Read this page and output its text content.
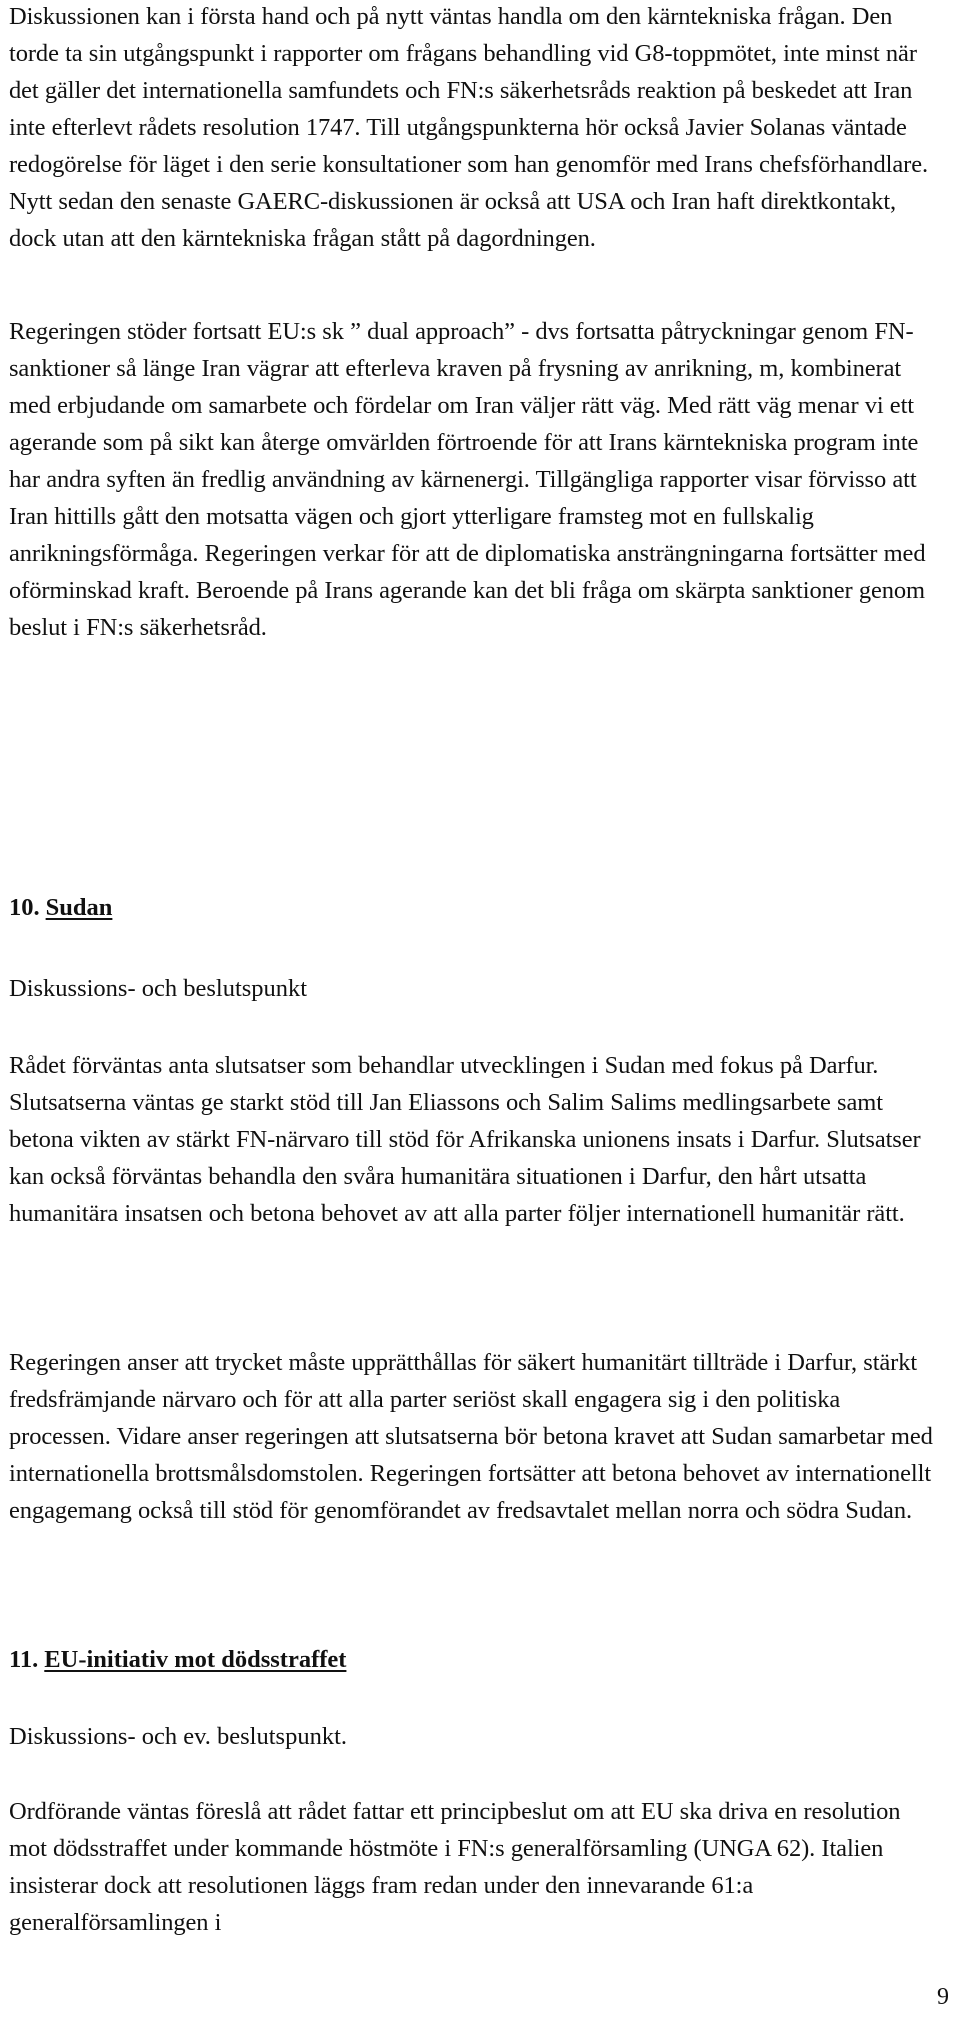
Diskussionen kan i första hand och på nytt väntas handla om den kärntekniska frågan. Den torde ta sin utgångspunkt i rapporter om frågans behandling vid G8-toppmötet, inte minst när det gäller det internationella samfundets och FN:s säkerhetsråds reaktion på beskedet att Iran inte efterlevt rådets resolution 1747. Till utgångspunkterna hör också Javier Solanas väntade redogörelse för läget i den serie konsultationer som han genomför med Irans chefsförhandlare. Nytt sedan den senaste GAERC-diskussionen är också att USA och Iran haft direktkontakt, dock utan att den kärntekniska frågan stått på dagordningen.

Regeringen stöder fortsatt EU:s sk ” dual approach” - dvs fortsatta påtryckningar genom FN-sanktioner så länge Iran vägrar att efterleva kraven på frysning av anrikning, m, kombinerat med erbjudande om samarbete och fördelar om Iran väljer rätt väg. Med rätt väg menar vi ett agerande som på sikt kan återge omvärlden förtroende för att Irans kärntekniska program inte har andra syften än fredlig användning av kärnenergi. Tillgängliga rapporter visar förvisso att Iran hittills gått den motsatta vägen och gjort ytterligare framsteg mot en fullskalig anrikningsförmåga. Regeringen verkar för att de diplomatiska ansträngningarna fortsätter med oförminskad kraft. Beroende på Irans agerande kan det bli fråga om skärpta sanktioner genom beslut i FN:s säkerhetsråd.

10. Sudan

Diskussions- och beslutspunkt

Rådet förväntas anta slutsatser som behandlar utvecklingen i Sudan med fokus på Darfur. Slutsatserna väntas ge starkt stöd till Jan Eliassons och Salim Salims medlingsarbete samt betona vikten av stärkt FN-närvaro till stöd för Afrikanska unionens insats i Darfur. Slutsatser kan också förväntas behandla den svåra humanitära situationen i Darfur, den hårt utsatta humanitära insatsen och betona behovet av att alla parter följer internationell humanitär rätt.

Regeringen anser att trycket måste upprätthållas för säkert humanitärt tillträde i Darfur, stärkt fredsfrämjande närvaro och för att alla parter seriöst skall engagera sig i den politiska processen. Vidare anser regeringen att slutsatserna bör betona kravet att Sudan samarbetar med internationella brottsmålsdomstolen. Regeringen fortsätter att betona behovet av internationellt engagemang också till stöd för genomförandet av fredsavtalet mellan norra och södra Sudan.

11. EU-initiativ mot dödsstraffet

Diskussions- och ev. beslutspunkt.

Ordförande väntas föreslå att rådet fattar ett principbeslut om att EU ska driva en resolution mot dödsstraffet under kommande höstmöte i FN:s generalförsamling (UNGA 62). Italien insisterar dock att resolutionen läggs fram redan under den innevarande 61:a generalförsamlingen i

9
